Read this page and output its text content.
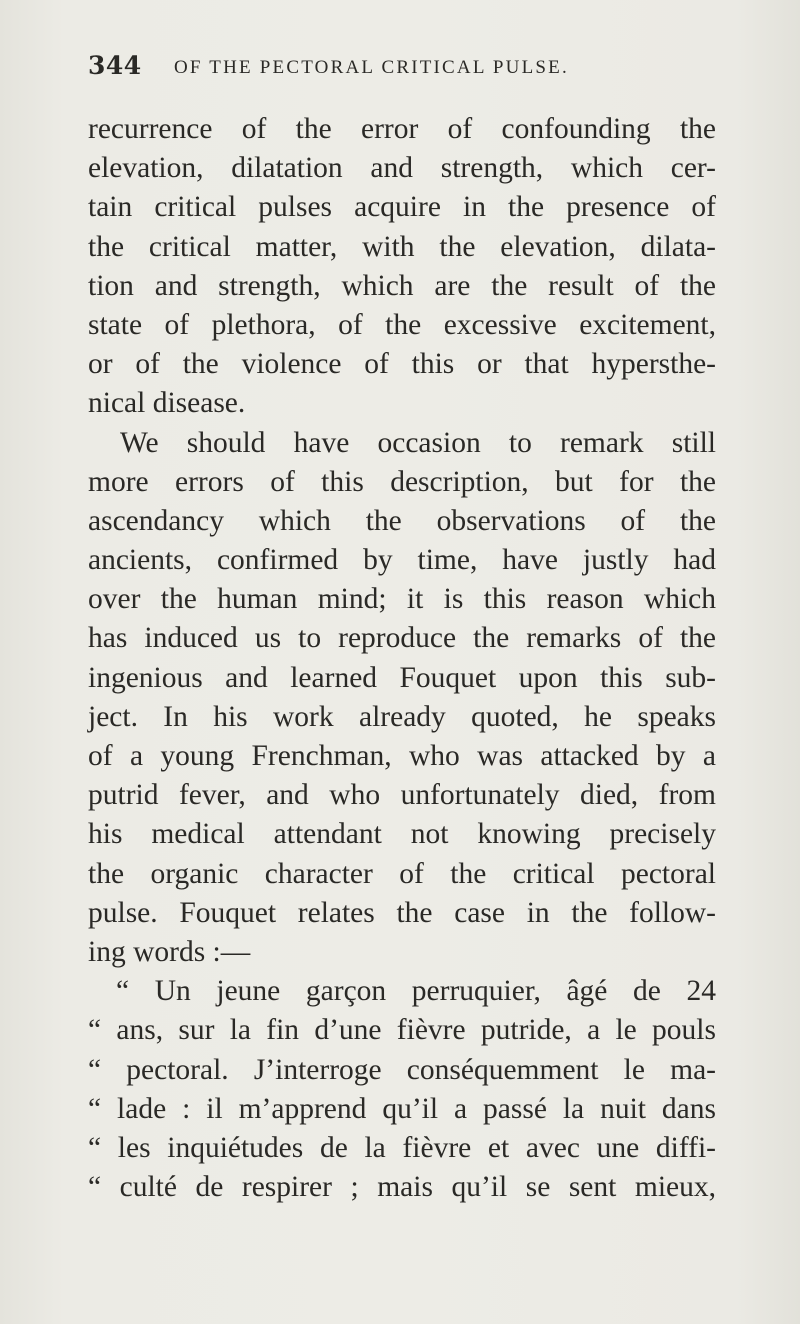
344 OF THE PECTORAL CRITICAL PULSE.
recurrence of the error of confounding the
elevation, dilatation and strength, which cer-
tain critical pulses acquire in the presence of
the critical matter, with the elevation, dilata-
tion and strength, which are the result of the
state of plethora, of the excessive excitement,
or of the violence of this or that hypersthe-
nical disease.
We should have occasion to remark still
more errors of this description, but for the
ascendancy which the observations of the
ancients, confirmed by time, have justly had
over the human mind; it is this reason which
has induced us to reproduce the remarks of the
ingenious and learned Fouquet upon this sub-
ject. In his work already quoted, he speaks
of a young Frenchman, who was attacked by a
putrid fever, and who unfortunately died, from
his medical attendant not knowing precisely
the organic character of the critical pectoral
pulse. Fouquet relates the case in the follow-
ing words :—
“ Un jeune garçon perruquier, âgé de 24
“ ans, sur la fin d’une fièvre putride, a le pouls
“ pectoral. J’interroge conséquemment le ma-
“ lade : il m’apprend qu’il a passé la nuit dans
“ les inquiétudes de la fièvre et avec une diffi-
“ culté de respirer ; mais qu’il se sent mieux,
